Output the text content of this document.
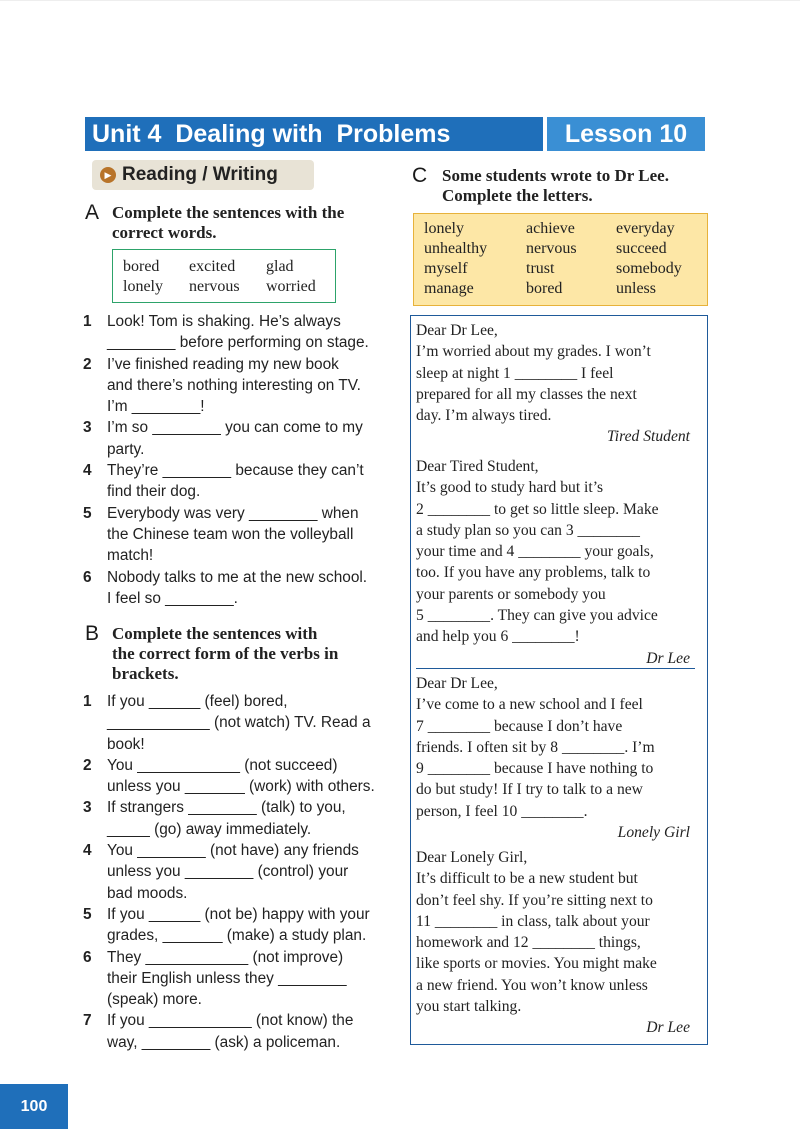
Unit 4  Dealing with  Problems	Lesson 10
▶ Reading / Writing
A Complete the sentences with the
correct words.
bored excited glad
lonely nervous worried
1 Look! Tom is shaking. He’s always
________ before performing on stage.
2 I’ve finished reading my new book
and there’s nothing interesting on TV.
I’m ________!
3 I’m so ________ you can come to my
party.
4 They’re ________ because they can’t
find their dog.
5 Everybody was very ________ when
the Chinese team won the volleyball
match!
6 Nobody talks to me at the new school.
I feel so ________.
B Complete the sentences with
the correct form of the verbs in
brackets.
1 If you ______ (feel) bored,
____________ (not watch) TV. Read a
book!
2 You ____________ (not succeed)
unless you _______ (work) with others.
3 If strangers ________ (talk) to you,
_____ (go) away immediately.
4 You ________ (not have) any friends
unless you ________ (control) your
bad moods.
5 If you ______ (not be) happy with your
grades, _______ (make) a study plan.
6 They ____________ (not improve)
their English unless they ________
(speak) more.
7 If you ____________ (not know) the
way, ________ (ask) a policeman.
C Some students wrote to Dr Lee.
Complete the letters.
lonely	achieve	everyday
unhealthy nervous succeed
myself	trust	somebody
manage	bored	unless
Dear Dr Lee,
I’m worried about my grades. I won’t
sleep at night 1 ________ I feel
prepared for all my classes the next
day. I’m always tired.
Tired Student
Dear Tired Student,
It’s good to study hard but it’s
2 ________ to get so little sleep. Make
a study plan so you can 3 ________
your time and 4 ________ your goals,
too. If you have any problems, talk to
your parents or somebody you
5 ________. They can give you advice
and help you 6 ________!
Dr Lee
Dear Dr Lee,
I’ve come to a new school and I feel
7 ________ because I don’t have
friends. I often sit by 8 ________. I’m
9 ________ because I have nothing to
do but study! If I try to talk to a new
person, I feel 10 ________.
Lonely Girl
Dear Lonely Girl,
It’s difficult to be a new student but
don’t feel shy. If you’re sitting next to
11 ________ in class, talk about your
homework and 12 ________ things,
like sports or movies. You might make
a new friend. You won’t know unless
you start talking.
Dr Lee
100
